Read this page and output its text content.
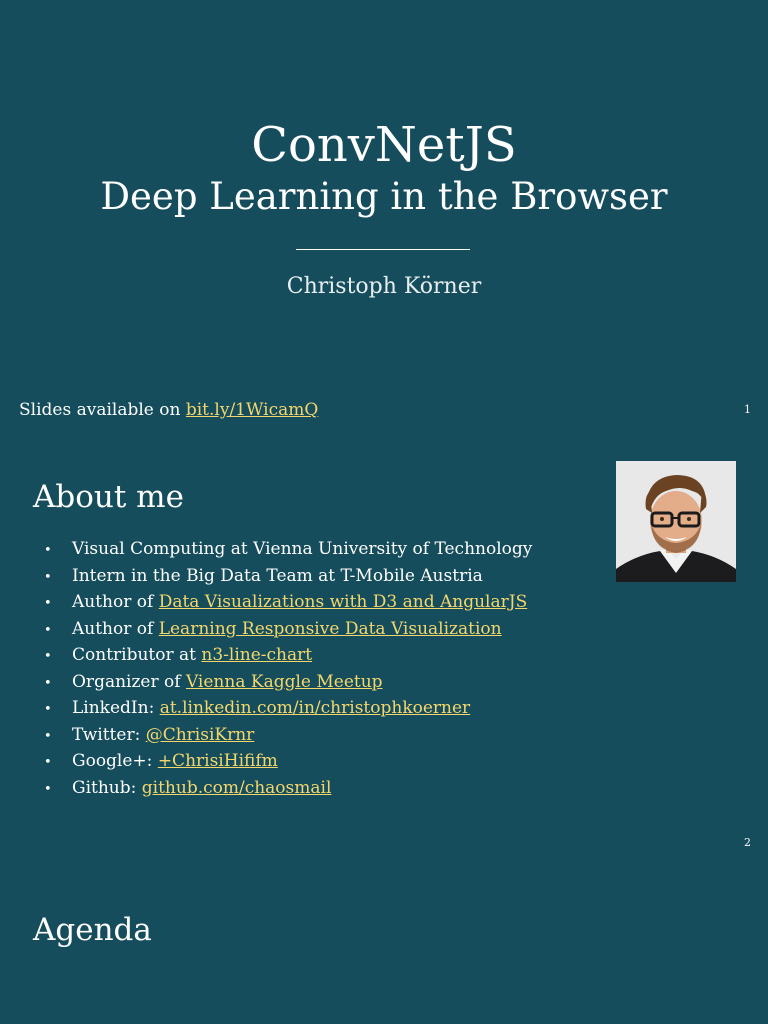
ConvNetJS
Deep Learning in the Browser
Christoph Körner
Slides available on bit.ly/1WicamQ	1
About me
• Visual Computing at Vienna University of Technology
• Intern in the Big Data Team at T-Mobile Austria
• Author of Data Visualizations with D3 and AngularJS
• Author of Learning Responsive Data Visualization
• Contributor at n3-line-chart
• Organizer of Vienna Kaggle Meetup
• LinkedIn: at.linkedin.com/in/christophkoerner
• Twitter: @ChrisiKrnr
• Google+: +ChrisiHififm
• Github: github.com/chaosmail
2
Agenda
